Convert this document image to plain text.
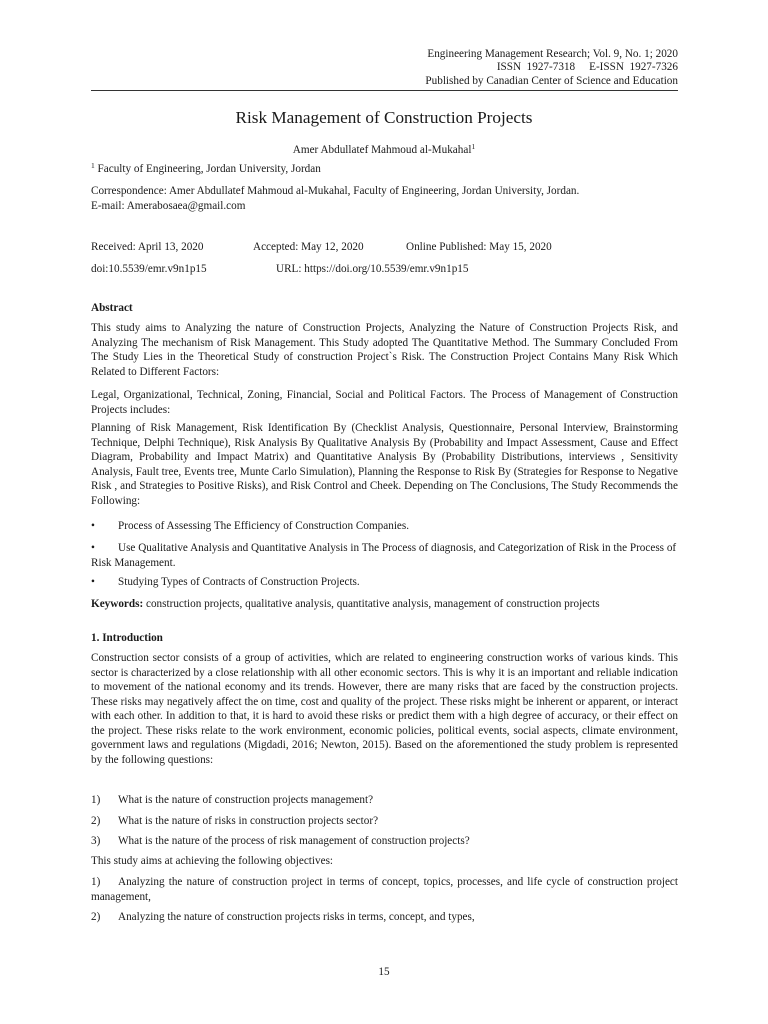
Engineering Management Research; Vol. 9, No. 1; 2020
ISSN  1927-7318     E-ISSN  1927-7326
Published by Canadian Center of Science and Education
Risk Management of Construction Projects
Amer Abdullatef Mahmoud al-Mukahal$^1$
$^1$ Faculty of Engineering, Jordan University, Jordan
Correspondence: Amer Abdullatef Mahmoud al-Mukahal, Faculty of Engineering, Jordan University, Jordan.
E-mail: Amerabosaea@gmail.com
Received: April 13, 2020	Accepted: May 12, 2020	Online Published: May 15, 2020
doi:10.5539/emr.v9n1p15	URL: https://doi.org/10.5539/emr.v9n1p15
Abstract
This study aims to Analyzing the nature of Construction Projects, Analyzing the Nature of Construction Projects Risk, and Analyzing The mechanism of Risk Management. This Study adopted The Quantitative Method. The Summary Concluded From The Study Lies in the Theoretical Study of construction Project`s Risk. The Construction Project Contains Many Risk Which Related to Different Factors:
Legal, Organizational, Technical, Zoning, Financial, Social and Political Factors. The Process of Management of Construction Projects includes:
Planning of Risk Management, Risk Identification By (Checklist Analysis, Questionnaire, Personal Interview, Brainstorming Technique, Delphi Technique), Risk Analysis By Qualitative Analysis By (Probability and Impact Assessment, Cause and Effect Diagram, Probability and Impact Matrix) and Quantitative Analysis By (Probability Distributions, interviews , Sensitivity Analysis, Fault tree, Events tree, Munte Carlo Simulation), Planning the Response to Risk By (Strategies for Response to Negative Risk , and Strategies to Positive Risks), and Risk Control and Cheek. Depending on The Conclusions, The Study Recommends the Following:
•	Process of Assessing The Efficiency of Construction Companies.
•	Use Qualitative Analysis and Quantitative Analysis in The Process of diagnosis, and Categorization of Risk in the Process of Risk Management.
•	Studying Types of Contracts of Construction Projects.
Keywords: construction projects, qualitative analysis, quantitative analysis, management of construction projects
1. Introduction
Construction sector consists of a group of activities, which are related to engineering construction works of various kinds. This sector is characterized by a close relationship with all other economic sectors. This is why it is an important and reliable indication to movement of the national economy and its trends. However, there are many risks that are faced by the construction projects. These risks may negatively affect the on time, cost and quality of the project. These risks might be inherent or apparent, or interact with each other. In addition to that, it is hard to avoid these risks or predict them with a high degree of accuracy, or their effect on the project. These risks relate to the work environment, economic policies, political events, social aspects, climate environment, government laws and regulations (Migdadi, 2016; Newton, 2015). Based on the aforementioned the study problem is represented by the following questions:
1)	What is the nature of construction projects management?
2)	What is the nature of risks in construction projects sector?
3)	What is the nature of the process of risk management of construction projects?
This study aims at achieving the following objectives:
1)	Analyzing the nature of construction project in terms of concept, topics, processes, and life cycle of construction project management,
2)	Analyzing the nature of construction projects risks in terms, concept, and types,
15
